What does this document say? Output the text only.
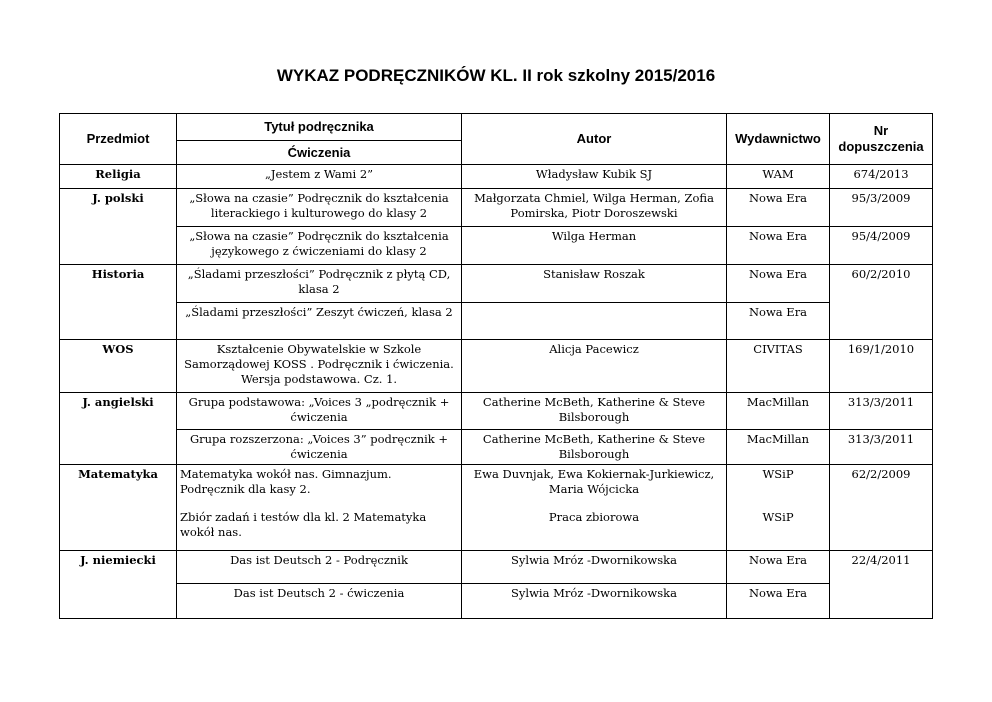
WYKAZ PODRĘCZNIKÓW KL. II rok szkolny 2015/2016
Przedmiot	Tytuł podręcznika	Autor	Wydawnictwo	Nr dopuszczenia
	Ćwiczenia			
Religia	„Jestem z Wami 2”	Władysław Kubik SJ	WAM	674/2013
J. polski	„Słowa na czasie” Podręcznik do kształcenia literackiego i kulturowego do klasy 2	Małgorzata Chmiel, Wilga Herman, Zofia Pomirska, Piotr Doroszewski	Nowa Era	95/3/2009
	„Słowa na czasie” Podręcznik do kształcenia językowego z ćwiczeniami do klasy 2	Wilga Herman	Nowa Era	95/4/2009
Historia	„Śladami przeszłości” Podręcznik z płytą CD, klasa 2	Stanisław Roszak	Nowa Era	60/2/2010
	„Śladami przeszłości” Zeszyt ćwiczeń, klasa 2		Nowa Era	
WOS	Kształcenie Obywatelskie w Szkole Samorządowej KOSS . Podręcznik i ćwiczenia. Wersja podstawowa. Cz. 1.	Alicja Pacewicz	CIVITAS	169/1/2010
J. angielski	Grupa podstawowa: „Voices 3 „podręcznik + ćwiczenia	Catherine McBeth, Katherine & Steve Bilsborough	MacMillan	313/3/2011
	Grupa rozszerzona: „Voices 3” podręcznik + ćwiczenia	Catherine McBeth, Katherine & Steve Bilsborough	MacMillan	313/3/2011
Matematyka	Matematyka wokół nas. Gimnazjum. Podręcznik dla kasy 2.	Ewa Duvnjak, Ewa Kokiernak-Jurkiewicz, Maria Wójcicka	WSiP	62/2/2009
	Zbiór zadań i testów dla kl. 2 Matematyka wokół nas.	Praca zbiorowa	WSiP	
J. niemiecki	Das ist Deutsch 2 - Podręcznik	Sylwia Mróz -Dwornikowska	Nowa Era	22/4/2011
	Das ist Deutsch 2 - ćwiczenia	Sylwia Mróz -Dwornikowska	Nowa Era	
